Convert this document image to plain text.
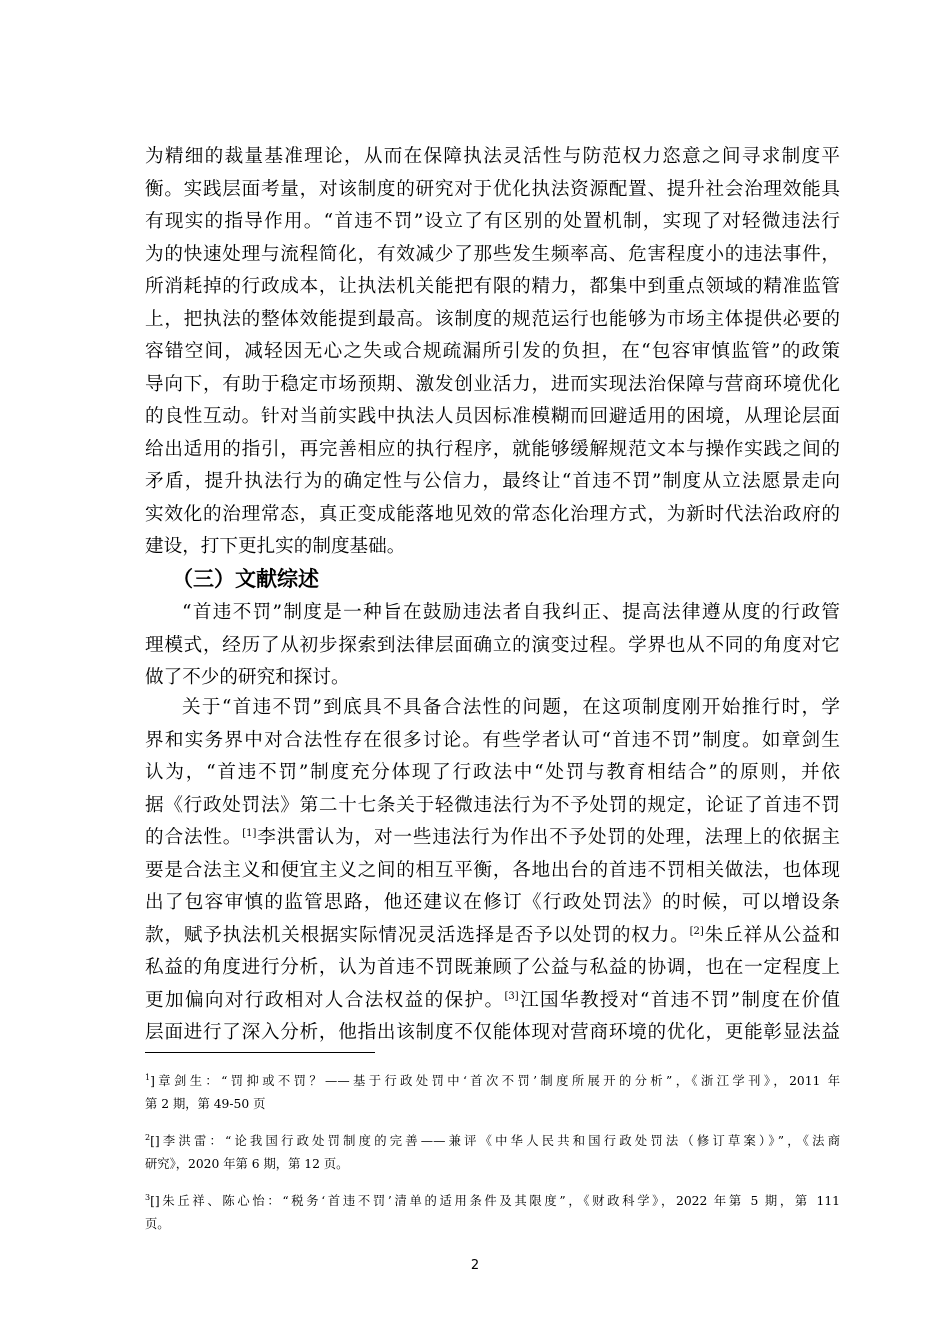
为精细的裁量基准理论，从而在保障执法灵活性与防范权力恣意之间寻求制度平
衡。实践层面考量，对该制度的研究对于优化执法资源配置、提升社会治理效能具
有现实的指导作用。“首违不罚”设立了有区别的处置机制，实现了对轻微违法行
为的快速处理与流程简化，有效减少了那些发生频率高、危害程度小的违法事件，
所消耗掉的行政成本，让执法机关能把有限的精力，都集中到重点领域的精准监管
上，把执法的整体效能提到最高。该制度的规范运行也能够为市场主体提供必要的
容错空间，减轻因无心之失或合规疏漏所引发的负担，在“包容审慎监管”的政策
导向下，有助于稳定市场预期、激发创业活力，进而实现法治保障与营商环境优化
的良性互动。针对当前实践中执法人员因标准模糊而回避适用的困境，从理论层面
给出适用的指引，再完善相应的执行程序，就能够缓解规范文本与操作实践之间的
矛盾，提升执法行为的确定性与公信力，最终让“首违不罚”制度从立法愿景走向
实效化的治理常态，真正变成能落地见效的常态化治理方式，为新时代法治政府的
建设，打下更扎实的制度基础。
（三）文献综述
“首违不罚”制度是一种旨在鼓励违法者自我纠正、提高法律遵从度的行政管
理模式，经历了从初步探索到法律层面确立的演变过程。学界也从不同的角度对它
做了不少的研究和探讨。
关于“首违不罚”到底具不具备合法性的问题，在这项制度刚开始推行时，学
界和实务界中对合法性存在很多讨论。有些学者认可“首违不罚”制度。如章剑生
认为，“首违不罚”制度充分体现了行政法中“处罚与教育相结合”的原则，并依
据《行政处罚法》第二十七条关于轻微违法行为不予处罚的规定，论证了首违不罚
的合法性。[1]李洪雷认为，对一些违法行为作出不予处罚的处理，法理上的依据主
要是合法主义和便宜主义之间的相互平衡，各地出台的首违不罚相关做法，也体现
出了包容审慎的监管思路，他还建议在修订《行政处罚法》的时候，可以增设条
款，赋予执法机关根据实际情况灵活选择是否予以处罚的权力。[2]朱丘祥从公益和
私益的角度进行分析，认为首违不罚既兼顾了公益与私益的协调，也在一定程度上
更加偏向对行政相对人合法权益的保护。[3]江国华教授对“首违不罚”制度在价值
层面进行了深入分析，他指出该制度不仅能体现对营商环境的优化，更能彰显法益
$^1$]章剑生：“罚抑或不罚？——基于行政处罚中‘首次不罚’制度所展开的分析”，《浙江学刊》，2011 年
第 2 期，第 49-50 页
$^2$[]李洪雷：“论我国行政处罚制度的完善——兼评《中华人民共和国行政处罚法（修订草案）》”，《法商
研究》，2020 年第 6 期，第 12 页。
$^3$[]朱丘祥、陈心怡：“税务‘首违不罚’清单的适用条件及其限度”，《财政科学》，2022 年第 5 期，第 111
页。
2
